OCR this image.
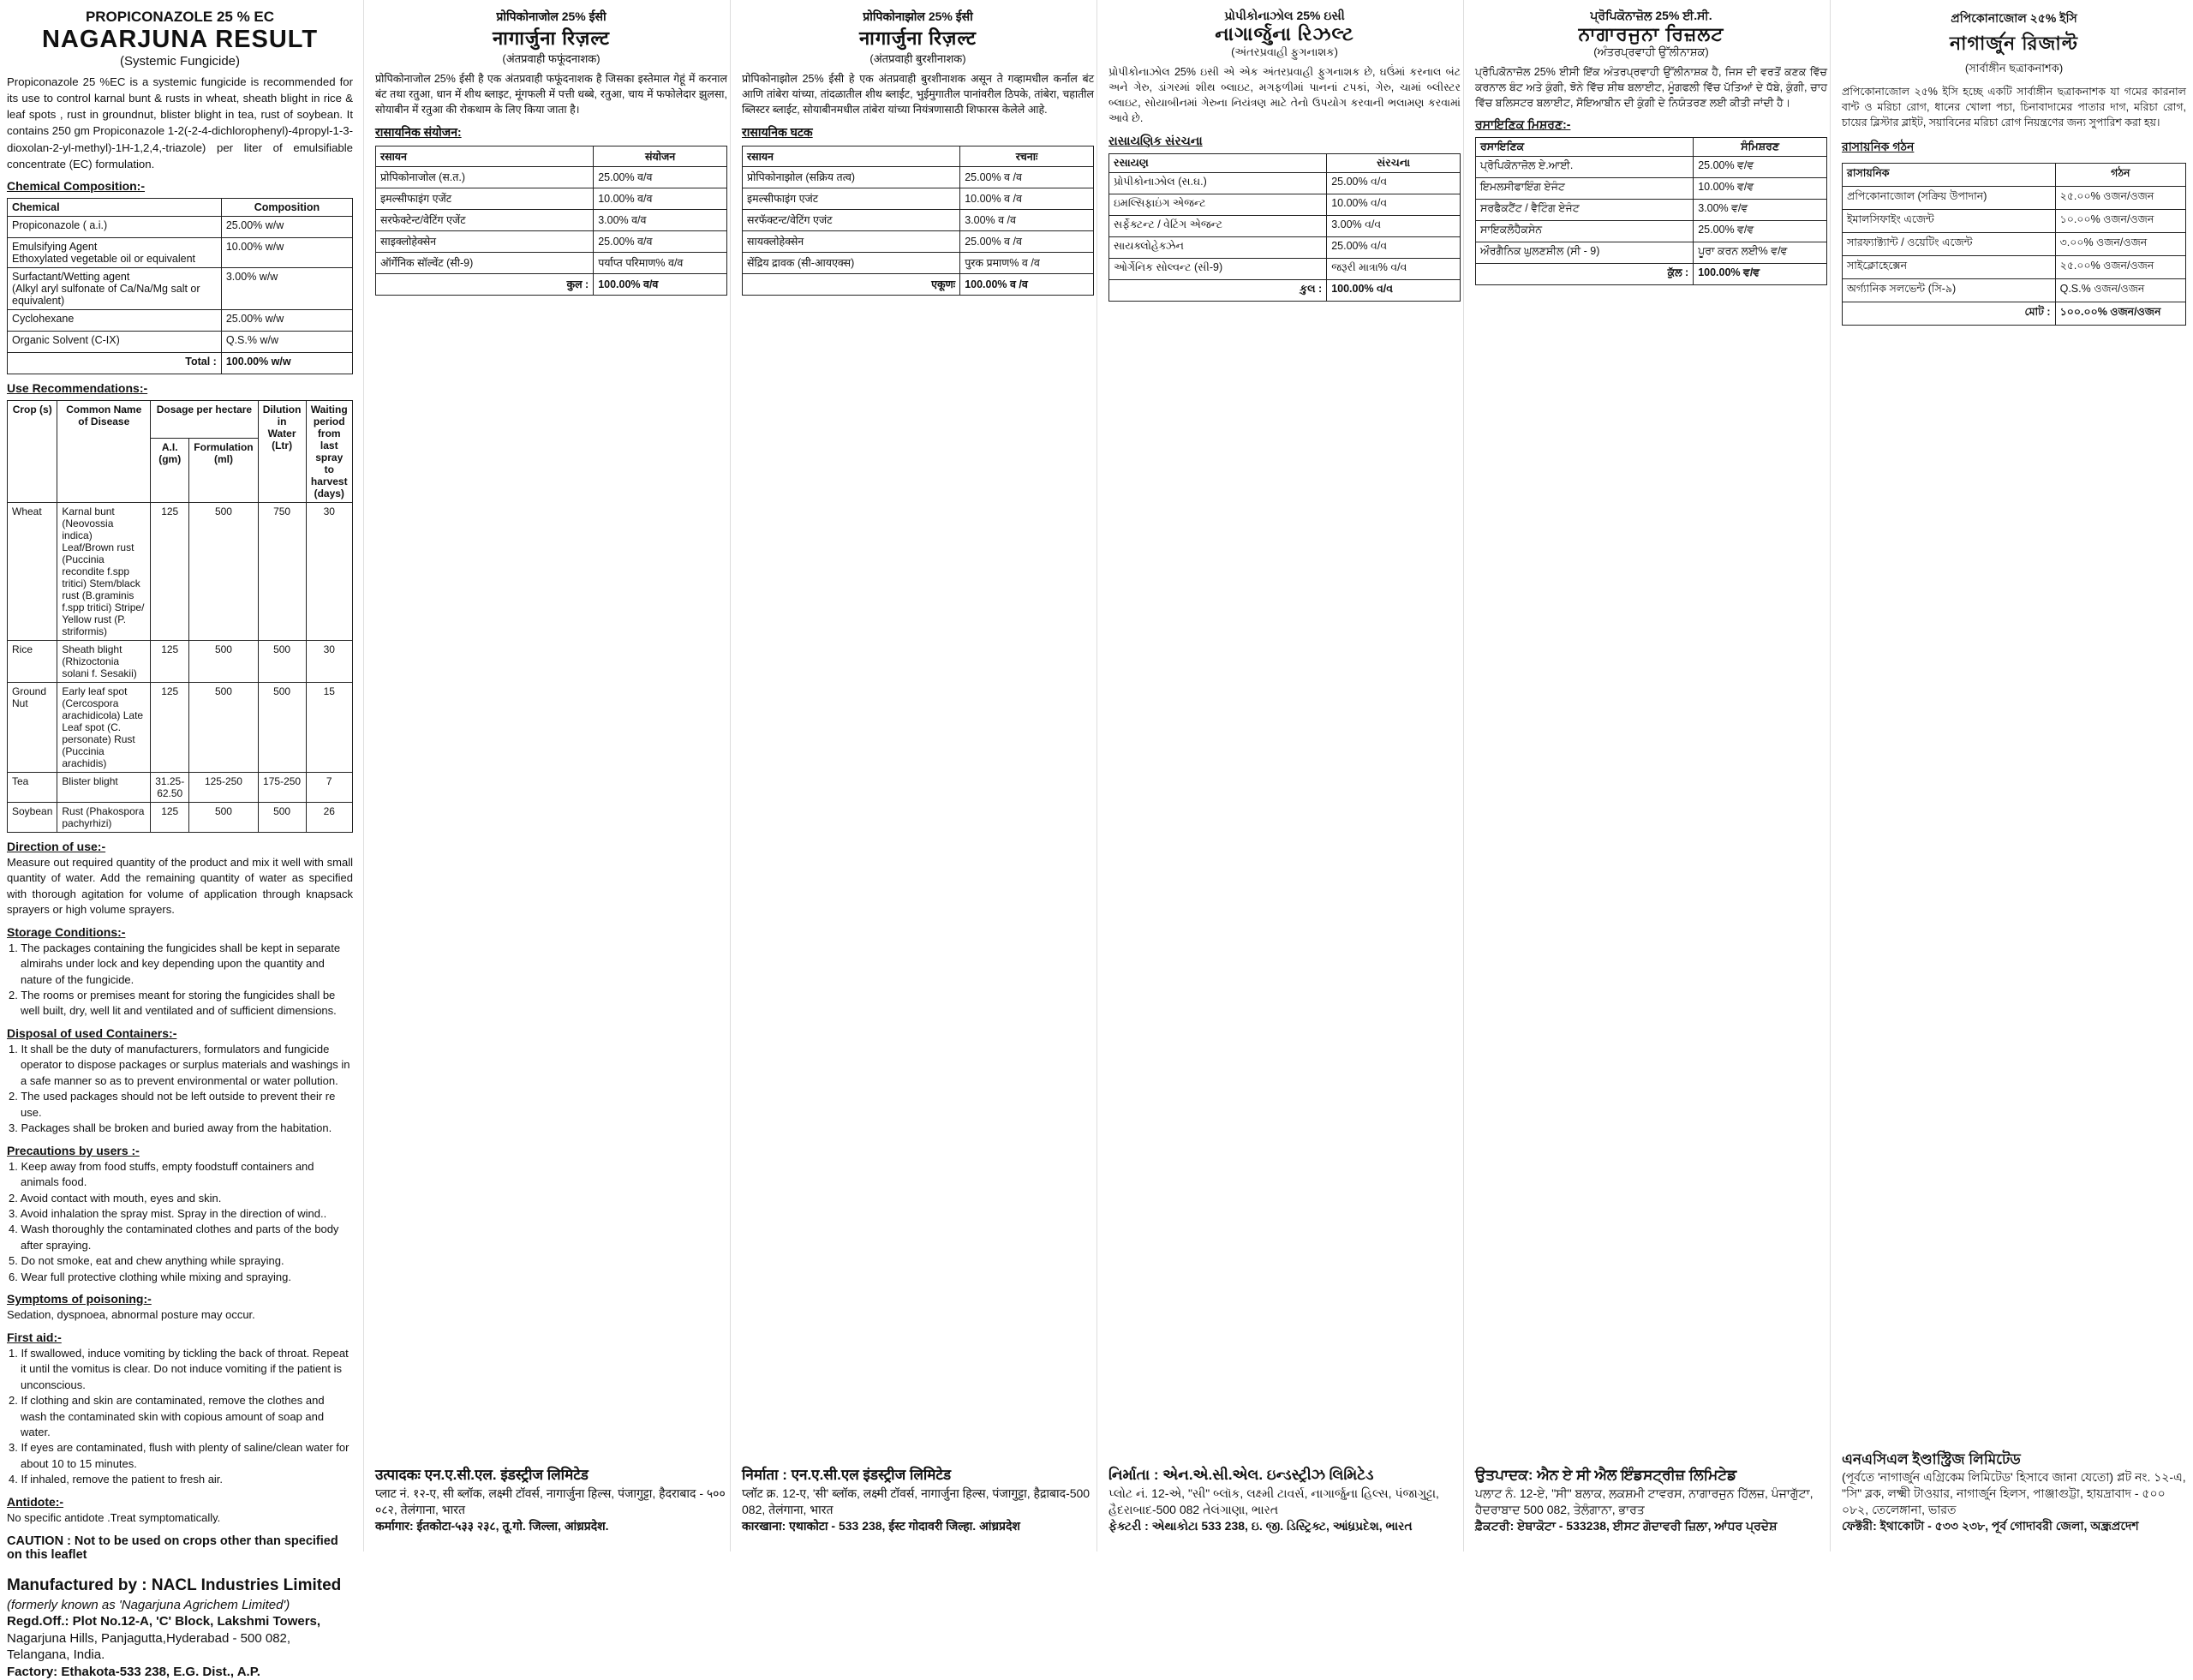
PROPICONAZOLE 25 % EC
NAGARJUNA RESULT
(Systemic Fungicide)
Propiconazole 25 %EC is a systemic fungicide is recommended for its use to control karnal bunt & rusts in wheat, sheath blight in rice & leaf spots , rust in groundnut, blister blight in tea, rust of soybean. It contains 250 gm Propiconazole 1-2(-2-4-dichlorophenyl)-4propyl-1-3-dioxolan-2-yl-methyl)-1H-1,2,4,-triazole) per liter of emulsifiable concentrate (EC) formulation.
Chemical Composition:-
Chemical	Composition
Propiconazole ( a.i.)	25.00% w/w
Emulsifying Agent
Ethoxylated vegetable oil or equivalent	10.00% w/w
Surfactant/Wetting agent
(Alkyl aryl sulfonate of Ca/Na/Mg salt or equivalent)	3.00% w/w
Cyclohexane	25.00% w/w
Organic Solvent (C-IX)	Q.S.% w/w
Total :	100.00% w/w
Use Recommendations:-
Crop (s)	Common Name of Disease	Dosage per hectare		Dilution in Water (Ltr)	Waiting period from last spray to harvest (days)
		A.I. (gm)	Formulation (ml)		
Wheat	Karnal bunt (Neovossia indica) Leaf/Brown rust (Puccinia recondite f.spp tritici) Stem/black rust (B.graminis f.spp tritici) Stripe/ Yellow rust (P. striformis)	125	500	750	30
Rice	Sheath blight (Rhizoctonia solani f. Sesakii)	125	500	500	30
Ground Nut	Early leaf spot (Cercospora arachidicola) Late Leaf spot (C. personate) Rust (Puccinia arachidis)	125	500	500	15
Tea	Blister blight	31.25-62.50	125-250	175-250	7
Soybean	Rust (Phakospora pachyrhizi)	125	500	500	26
Direction of use:-
Measure out required quantity of the product and mix it well with small quantity of water. Add the remaining quantity of water as specified with thorough agitation for volume of application through knapsack sprayers or high volume sprayers.
Storage Conditions:-
1. The packages containing the fungicides shall be kept in separate almirahs under lock and key depending upon the quantity and nature of the fungicide.
2. The rooms or premises meant for storing the fungicides shall be well built, dry, well lit and ventilated and of sufficient dimensions.
Disposal of used Containers:-
1. It shall be the duty of manufacturers, formulators and fungicide operator to dispose packages or surplus materials and washings in a safe manner so as to prevent environmental or water pollution.
2. The used packages should not be left outside to prevent their re use.
3. Packages shall be broken and buried away from the habitation.
Precautions by users :-
1. Keep away from food stuffs, empty foodstuff containers and animals food.
2. Avoid contact with mouth, eyes and skin.
3. Avoid inhalation the spray mist. Spray in the direction of wind..
4. Wash thoroughly the contaminated clothes and parts of the body after spraying.
5. Do not smoke, eat and chew anything while spraying.
6. Wear full protective clothing while mixing and spraying.
Symptoms of poisoning:-
Sedation, dyspnoea, abnormal posture may occur.
First aid:-
1. If swallowed, induce vomiting by tickling the back of throat. Repeat it until the vomitus is clear. Do not induce vomiting if the patient is unconscious.
2. If clothing and skin are contaminated, remove the clothes and wash the contaminated skin with copious amount of soap and water.
3. If eyes are contaminated, flush with plenty of saline/clean water for about 10 to 15 minutes.
4. If inhaled, remove the patient to fresh air.
Antidote:-
No specific antidote .Treat symptomatically.
CAUTION : Not to be used on crops other than specified on this leaflet
Manufactured by : NACL Industries Limited
(formerly known as 'Nagarjuna Agrichem Limited')
Regd.Off.: Plot No.12-A, 'C' Block, Lakshmi Towers,
Nagarjuna Hills, Panjagutta,Hyderabad - 500 082, Telangana, India.
Factory: Ethakota-533 238, E.G. Dist., A.P.
प्रोपिकोनाजोल 25% ईसी
नागार्जुना रिज़ल्ट
(अंतप्रवाही फफूंदनाशक)
प्रोपिकोनाजोल 25% ईसी है एक अंतप्रवाही फफूंदनाशक है जिसका इस्तेमाल गेहूं में करनाल बंट तथा रतुआ, धान में शीथ ब्लाइट, मूंगफली में पत्ती धब्बे, रतुआ, चाय में फफोलेदार झुलसा, सोयाबीन में रतुआ की रोकथाम के लिए किया जाता है।
रासायनिक संयोजन:
रसायन	संयोजन
प्रोपिकोनाजोल (स.त.)	25.00% व/व
इमल्सीफाइंग एजेंट	10.00% व/व
सरफेक्टेन्ट/वेटिंग एजेंट	3.00% व/व
साइक्लोहेक्सेन	25.00% व/व
ऑर्गेनिक सॉल्वेंट (सी-9)	पर्याप्त परिमाण% व/व
कुल :	100.00% व/व
उत्पादकः एन.ए.सी.एल. इंडस्ट्रीज लिमिटेड
प्लाट नं. १२-ए, सी ब्लॉक, लक्ष्मी टॉवर्स, नागार्जुना हिल्स, पंजागुट्टा, हैदराबाद - ५०० ०८२, तेलंगाना, भारत
कर्मागार: ईतकोटा-५३३ २३८, तू.गो. जिल्ला, आंध्रप्रदेश.
प्रोपिकोनाझोल 25% ईसी
नागार्जुना रिज़ल्ट
(अंतप्रवाही बुरशीनाशक)
प्रोपिकोनाझोल 25% ईसी हे एक अंतप्रवाही बुरशीनाशक असून ते गव्हामधील कर्नाल बंट आणि तांबेरा यांच्या, तांदळातील शीथ ब्लाईट, भुईमुगातील पानांवरील ठिपके, तांबेरा, चहातील ब्लिस्टर ब्लाईट, सोयाबीनमधील तांबेरा यांच्या नियंत्रणासाठी शिफारस केलेले आहे.
रासायनिक घटक
रसायन	रचनाः
प्रोपिकोनाझोल (सक्रिय तत्व)	25.00% व /व
इमल्सीफाइंग एजंट	10.00% व /व
सरफॅक्टन्ट/वेटिंग एजंट	3.00% व /व
सायक्लोहेक्सेन	25.00% व /व
सेंद्रिय द्रावक (सी-आयएक्स)	पुरक प्रमाण% व /व
एकूणः	100.00% व /व
निर्माता : एन.ए.सी.एल इंडस्ट्रीज लिमिटेड
प्लॉट क्र. 12-ए, 'सी' ब्लॉक, लक्ष्मी टॉवर्स, नागार्जुना हिल्स, पंजागुट्टा, हैद्राबाद-500 082, तेलंगाना, भारत
कारखाना: एथाकोटा - 533 238, ईस्ट गोदावरी जिल्हा. आंध्रप्रदेश
પ્રોપીકોનાઝોલ 25% ઇસી
નાગાર્જુના રિઝલ્ટ
(અંતરપ્રવાહી ફુગનાશક)
પ્રોપીકોનાઝોલ 25% ઇસી એ એક અંતરપ્રવાહી ફુગનાશક છે, ઘઉંમાં કરનાલ બંટ અને ગેરુ, ડાંગરમાં શીથ બ્લાઇટ, મગફળીમાં પાનનાં ટપકાં, ગેરુ, ચામાં બ્લીસ્ટર બ્લાઇટ, સોયાબીનમાં ગેરુના નિયંત્રણ માટે તેનો ઉપયોગ કરવાની ભલામણ કરવામાં આવે છે.
રાસાયણિક સંરચના
રસાયણ	સંરચના
પ્રોપીકોનાઝોલ (સ.ઘ.)	25.00% વ/વ
ઇમલ્સિફાઇંગ એજન્ટ	10.00% વ/વ
સર્ફેક્ટન્ટ / વેટિંગ એજન્ટ	3.00% વ/વ
સાયક્લોહેક્ઝેન	25.00% વ/વ
ઓર્ગેનિક સોલ્વન્ટ (સી-9)	જરૂરી માત્રા% વ/વ
કુલ :	100.00% વ/વ
નિર્માતા : એન.એ.સી.એલ. ઇન્ડસ્ટ્રીઝ લિમિટેડ
પ્લોટ નં. 12-એ, "સી" બ્લૉક, લક્ષ્મી ટાવર્સ, નાગાર્જુના હિલ્સ, પંજાગુટ્ટા, હૈદરાબાદ-500 082 તેલંગાણા, ભારત
ફેક્ટરી : એથાકોટા 533 238, ઇ. જી. ડિસ્ટ્રિક્ટ, આંધ્રપ્રદેશ, ભારત
ਪ੍ਰੋਪਿਕੋਨਾਜ਼ੋਲ 25% ਈ.ਸੀ.
ਨਾਗਾਰਜੁਨਾ ਰਿਜ਼ਲਟ
(ਅੰਤਰਪ੍ਰਵਾਹੀ ਉੱਲੀਨਾਸ਼ਕ)
ਪ੍ਰੋਪਿਕੋਨਾਜ਼ੋਲ 25% ਈਸੀ ਇੱਕ ਅੰਤਰਪ੍ਰਵਾਹੀ ਉੱਲੀਨਾਸ਼ਕ ਹੈ, ਜਿਸ ਦੀ ਵਰਤੋਂ ਕਣਕ ਵਿੱਚ ਕਰਨਾਲ ਬੰਟ ਅਤੇ ਕੁੰਗੀ, ਝੋਨੇ ਵਿੱਚ ਸ਼ੀਥ ਬਲਾਈਟ, ਮੂੰਗਫਲੀ ਵਿੱਚ ਪੱਤਿਆਂ ਦੇ ਧੱਬੇ, ਕੁੰਗੀ, ਚਾਹ ਵਿੱਚ ਬਲਿਸਟਰ ਬਲਾਈਟ, ਸੋਇਆਬੀਨ ਦੀ ਕੁੰਗੀ ਦੇ ਨਿਯੰਤਰਣ ਲਈ ਕੀਤੀ ਜਾਂਦੀ ਹੈ।
ਰਸਾਇਣਿਕ ਮਿਸ਼ਰਣ:-
ਰਸਾਇਣਿਕ	ਸੰਮਿਸ਼ਰਣ
ਪ੍ਰੋਪਿਕੋਨਾਜ਼ੋਲ ਏ.ਆਈ.	25.00% ਵ/ਵ
ਇਮਲਸੀਫਾਇੰਗ ਏਜੰਟ	10.00% ਵ/ਵ
ਸਰਫੈਕਟੈਂਟ / ਵੈਟਿੰਗ ਏਜੰਟ	3.00% ਵ/ਵ
ਸਾਇਕਲੋਹੈਕਸੇਨ	25.00% ਵ/ਵ
ਔਰਗੈਨਿਕ ਘੁਲਣਸ਼ੀਲ (ਸੀ - 9)	ਪੂਰਾ ਕਰਨ ਲਈ% ਵ/ਵ
ਕੁੱਲ :	100.00% ਵ/ਵ
ਉਤਪਾਦਕ: ਐਨ ਏ ਸੀ ਐਲ ਇੰਡਸਟ੍ਰੀਜ਼ ਲਿਮਿਟੇਡ
ਪਲਾਟ ਨੰ. 12-ਏ, "ਸੀ" ਬਲਾਕ, ਲਕਸ਼ਮੀ ਟਾਵਰਸ, ਨਾਗਾਰਜੁਨ ਹਿੱਲਜ਼, ਪੰਜਾਗੁੱਟਾ, ਹੈਦਰਾਬਾਦ 500 082, ਤੇਲੰਗਾਨਾ, ਭਾਰਤ
ਫ਼ੈਕਟਰੀ: ਏਥਾਕੋਟਾ - 533238, ਈਸਟ ਗੋਦਾਵਰੀ ਜ਼ਿਲਾ, ਆਂਧਰ ਪ੍ਰਦੇਸ਼
প্রপিকোনাজোল ২৫% ইসি
নাগার্জুন রিজাল্ট
(সার্বাঙ্গীন ছত্রাকনাশক)
প্রপিকোনাজোল ২৫% ইসি হচ্ছে একটি সার্বাঙ্গীন ছত্রাকনাশক যা গমের কারনাল বান্ট ও মরিচা রোগ, ধানের খোলা পচা, চিনাবাদামের পাতার দাগ, মরিচা রোগ, চায়ের ব্লিস্টার ব্লাইট, সয়াবিনের মরিচা রোগ নিয়ন্ত্রণের জন্য সুপারিশ করা হয়।
রাসায়নিক গঠন
রাসায়নিক	গঠন
প্রপিকোনাজোল (সক্রিয় উপাদান)	২৫.০০% ওজন/ওজন
ইমালসিফাইং এজেন্ট	১০.০০% ওজন/ওজন
সারফ্যাক্ট্যান্ট / ওয়েটিং এজেন্ট	৩.০০% ওজন/ওজন
সাইক্লোহেক্সেন	২৫.০০% ওজন/ওজন
অর্গ্যানিক সলভেন্ট (সি-৯)	Q.S.% ওজন/ওজন
মোট :	১০০.০০% ওজন/ওজন
এনএসিএল ইণ্ডাস্ট্রিজ লিমিটেড
(পূর্বতে 'নাগার্জুন এগ্রিকেম লিমিটেড' হিসাবে জানা যেতো) প্লট নং. ১২-এ, "সি" ব্লক, লক্ষ্মী টাওয়ার, নাগার্জুন হিলস, পাঞ্জাগুট্টা, হায়দ্রাবাদ - ৫০০ ০৮২, তেলেঙ্গানা, ভারত
ফেক্টরী: ইথাকোটা - ৫৩৩ ২৩৮, পূর্ব গোদাবরী জেলা, অন্ধ্রপ্রদেশ
